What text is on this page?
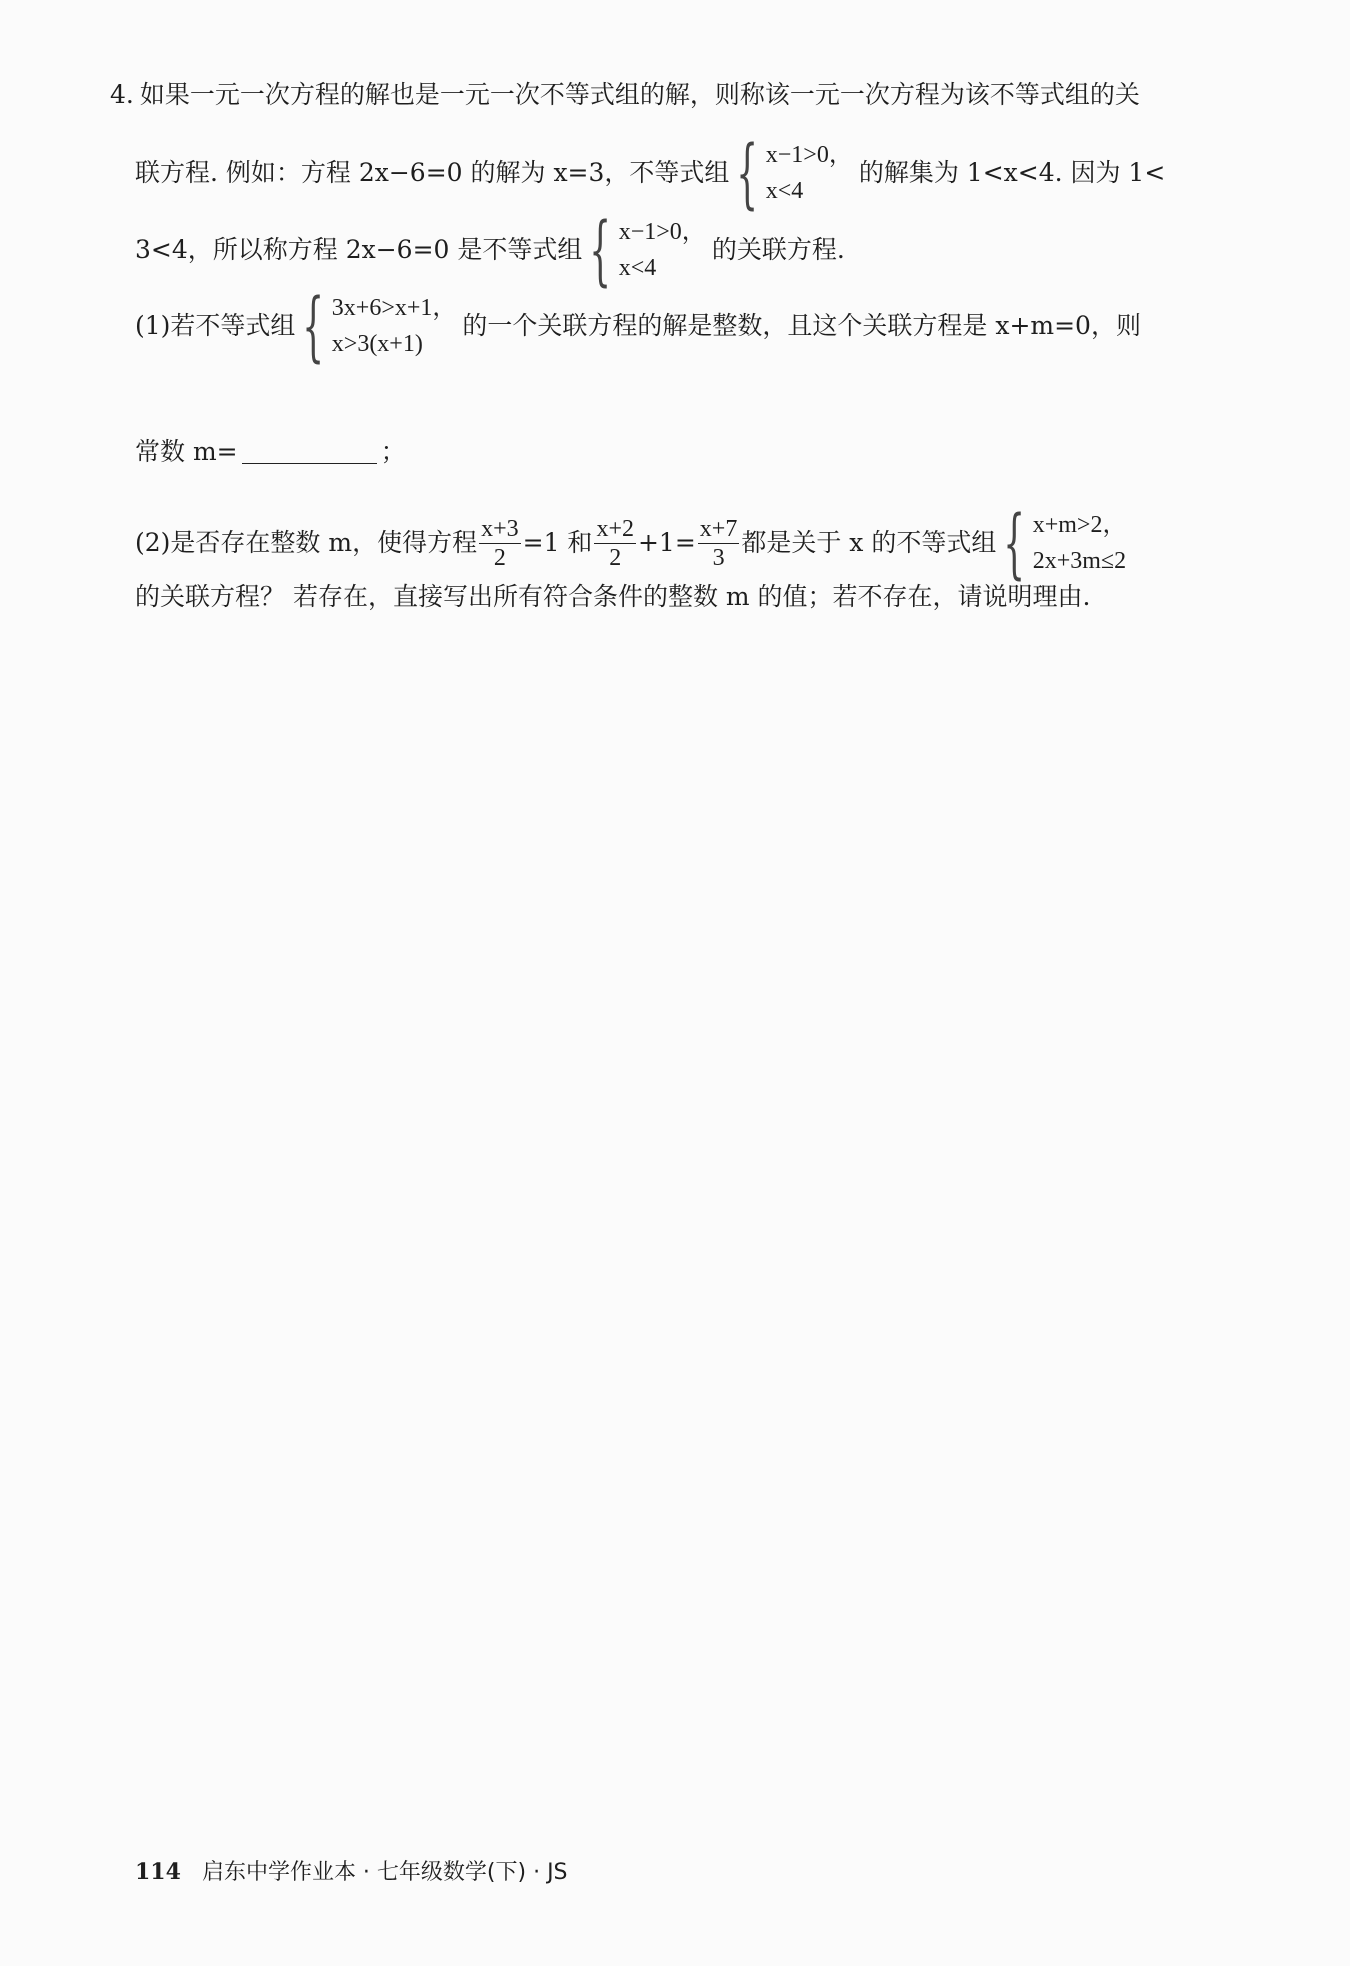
4. 如果一元一次方程的解也是一元一次不等式组的解，则称该一元一次方程为该不等式组的关
联方程. 例如：方程 2x−6=0 的解为 x=3，不等式组 { x−1>0，
x<4
的解集为 1<x<4. 因为 1<
3<4，所以称方程 2x−6=0 是不等式组 { x−1>0，
x<4
的关联方程.
(1)若不等式组 { 3x+6>x+1，
x>3(x+1)
的一个关联方程的解是整数，且这个关联方程是 x+m=0，则
常数 m=	；
(2)是否存在整数 m，使得方程 $\frac{x+3}{2} =1$ 和 $\frac{x+2}{2} +1= \frac{x+7}{3}$ 都是关于 x 的不等式组 { x+m>2，
2x+3m≤2
的关联方程？ 若存在，直接写出所有符合条件的整数 m 的值；若不存在，请说明理由.
114 启东中学作业本 · 七年级数学(下) · JS
